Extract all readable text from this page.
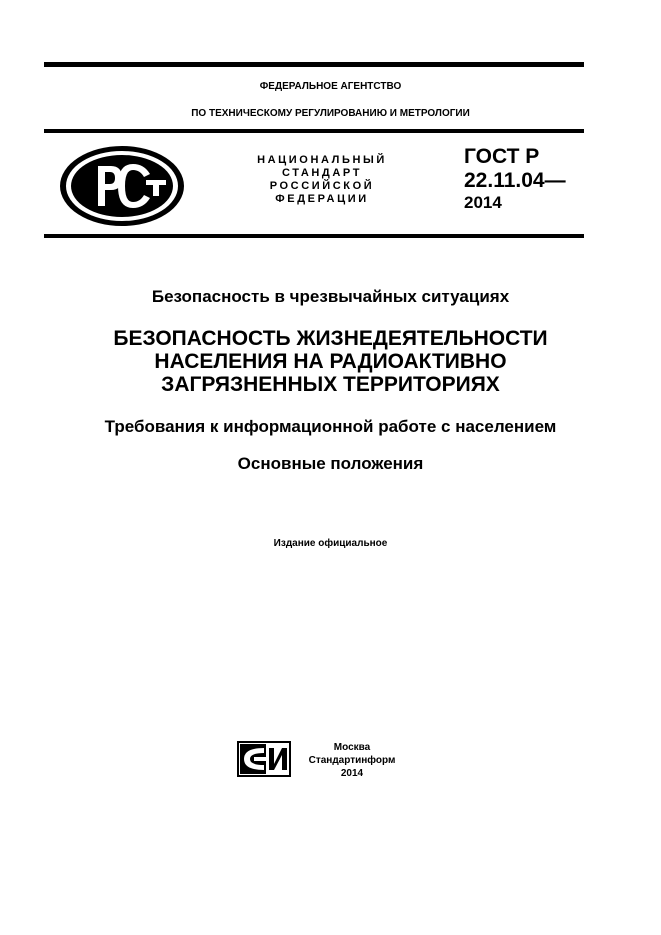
ФЕДЕРАЛЬНОЕ АГЕНТСТВО
ПО ТЕХНИЧЕСКОМУ РЕГУЛИРОВАНИЮ И МЕТРОЛОГИИ
НАЦИОНАЛЬНЫЙ
СТАНДАРТ
РОССИЙСКОЙ
ФЕДЕРАЦИИ
ГОСТ Р
22.11.04—
2014
Безопасность в чрезвычайных ситуациях
БЕЗОПАСНОСТЬ ЖИЗНЕДЕЯТЕЛЬНОСТИ
НАСЕЛЕНИЯ НА РАДИОАКТИВНО
ЗАГРЯЗНЕННЫХ ТЕРРИТОРИЯХ
Требования к информационной работе с населением
Основные положения
Издание официальное
Москва
Стандартинформ
2014
